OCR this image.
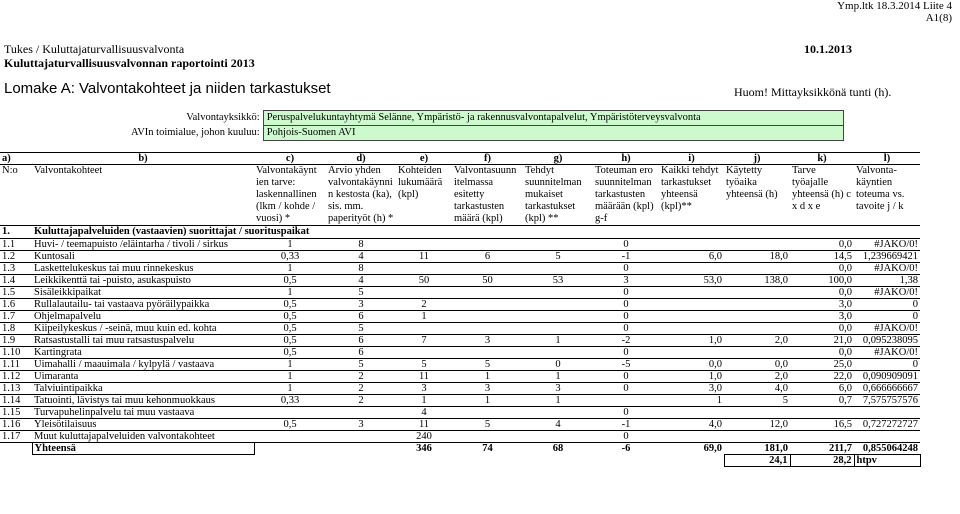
Ymp.ltk 18.3.2014 Liite 4
A1(8)
Tukes / Kuluttajaturvallisuusvalvonta	10.1.2013
Kuluttajaturvallisuusvalvonnan raportointi 2013
Lomake A: Valvontakohteet ja niiden tarkastukset	Huom! Mittayksikkönä tunti (h).
Valvontayksikkö:	Peruspalvelukuntayhtymä Selänne, Ympäristö- ja rakennusvalvontapalvelut, Ympäristöterveysvalvonta
AVIn toimialue, johon kuuluu:	Pohjois-Suomen AVI
a)	b)	c)	d)	e)	f)	g)	h)	i)	j)	k)	l)
N:o	Valvontakohteet	Valvontakäynt ien tarve: laskennallinen (lkm / kohde / vuosi) *	Arvio yhden valvontakäynni n kestosta (ka), sis. mm. paperityöt (h) *	Kohteiden lukumäärä (kpl)	Valvontasuunn itelmassa esitetty tarkastusten määrä (kpl)	Tehdyt suunnitelman mukaiset tarkastukset (kpl) **	Toteuman ero suunnitelman tarkastusten määrään (kpl) g-f	Kaikki tehdyt tarkastukset yhteensä (kpl)**	Käytetty työaika yhteensä (h)	Tarve työajalle yhteensä (h) c x d x e	Valvonta-käyntien toteuma vs. tavoite j / k
1.	Kuluttajapalveluiden (vastaavien) suorittajat / suorituspaikat										
1.1	Huvi- / teemapuisto /eläintarha / tivoli / sirkus	1	8				0			0,0	#JAKO/0!
1.2	Kuntosali	0,33	4	11	6	5	-1	6,0	18,0	14,5	1,239669421
1.3	Laskettelukeskus tai muu rinnekeskus	1	8				0			0,0	#JAKO/0!
1.4	Leikkikenttä tai -puisto, asukaspuisto	0,5	4	50	50	53	3	53,0	138,0	100,0	1,38
1.5	Sisäleikkipaikat	1	5				0			0,0	#JAKO/0!
1.6	Rullalautailu- tai vastaava pyöräilypaikka	0,5	3	2			0			3,0	0
1.7	Ohjelmapalvelu	0,5	6	1			0			3,0	0
1.8	Kiipeilykeskus / -seinä, muu kuin ed. kohta	0,5	5				0			0,0	#JAKO/0!
1.9	Ratsastustalli tai muu ratsastuspalvelu	0,5	6	7	3	1	-2	1,0	2,0	21,0	0,095238095
1.10	Kartingrata	0,5	6				0			0,0	#JAKO/0!
1.11	Uimahalli / maauimala / kylpylä / vastaava	1	5	5	5	0	-5	0,0	0,0	25,0	0
1.12	Uimaranta	1	2	11	1	1	0	1,0	2,0	22,0	0,090909091
1.13	Talviuintipaikka	1	2	3	3	3	0	3,0	4,0	6,0	0,666666667
1.14	Tatuointi, lävistys tai muu kehonmuokkaus	0,33	2	1	1	1		1	5	0,7	7,575757576
1.15	Turvapuhelinpalvelu tai muu vastaava			4			0				
1.16	Yleisötilaisuus	0,5	3	11	5	4	-1	4,0	12,0	16,5	0,727272727
1.17	Muut kuluttajapalveluiden valvontakohteet			240			0				
	Yhteensä			346	74	68	-6	69,0	181,0	211,7	0,855064248
									24,1	28,2	htpv
